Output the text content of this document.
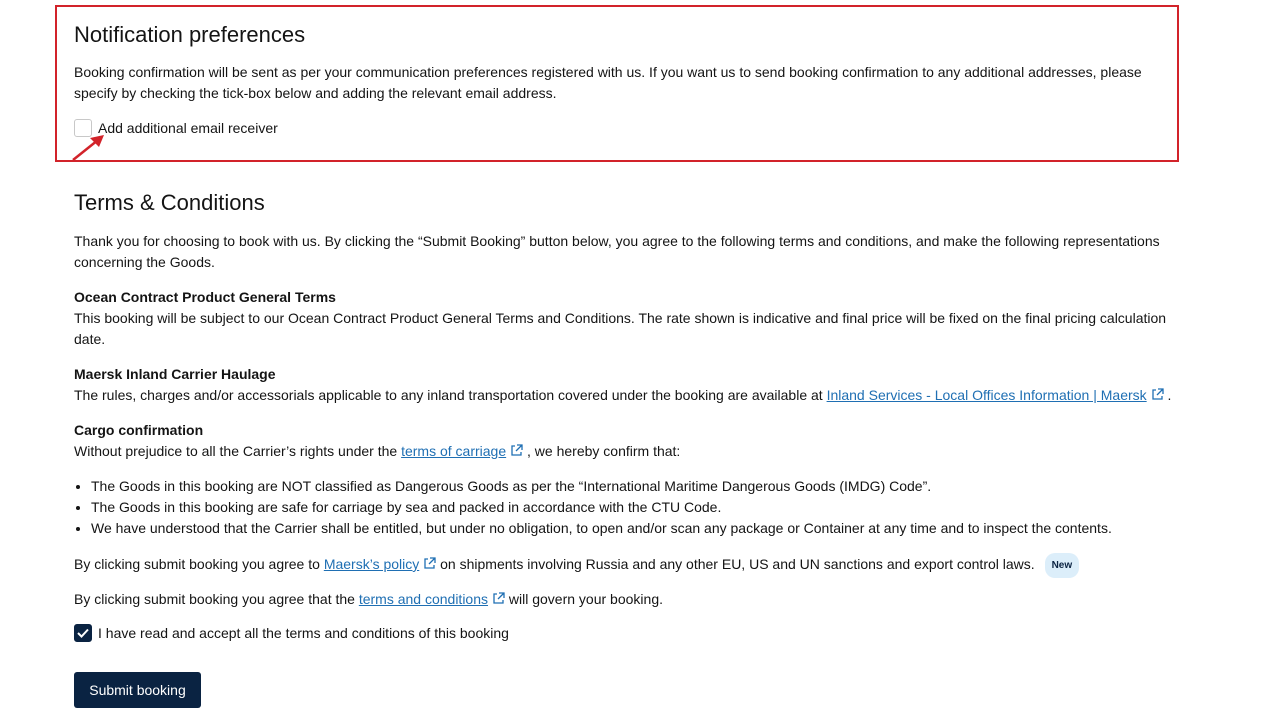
Notification preferences

Booking confirmation will be sent as per your communication preferences registered with us. If you want us to send booking confirmation to any additional addresses, please specify by checking the tick-box below and adding the relevant email address.

Add additional email receiver
Terms & Conditions

Thank you for choosing to book with us. By clicking the “Submit Booking” button below, you agree to the following terms and conditions, and make the following representations concerning the Goods.

Ocean Contract Product General Terms
This booking will be subject to our Ocean Contract Product General Terms and Conditions. The rate shown is indicative and final price will be fixed on the final pricing calculation date.
Maersk Inland Carrier Haulage
The rules, charges and/or accessorials applicable to any inland transportation covered under the booking are available at Inland Services - Local Offices Information | Maersk .
Cargo confirmation
Without prejudice to all the Carrier’s rights under the terms of carriage , we hereby confirm that:
• The Goods in this booking are NOT classified as Dangerous Goods as per the “International Maritime Dangerous Goods (IMDG) Code”.
• The Goods in this booking are safe for carriage by sea and packed in accordance with the CTU Code.
• We have understood that the Carrier shall be entitled, but under no obligation, to open and/or scan any package or Container at any time and to inspect the contents.
By clicking submit booking you agree to Maersk’s policy on shipments involving Russia and any other EU, US and UN sanctions and export control laws. New
By clicking submit booking you agree that the terms and conditions will govern your booking.
I have read and accept all the terms and conditions of this booking
Submit booking
